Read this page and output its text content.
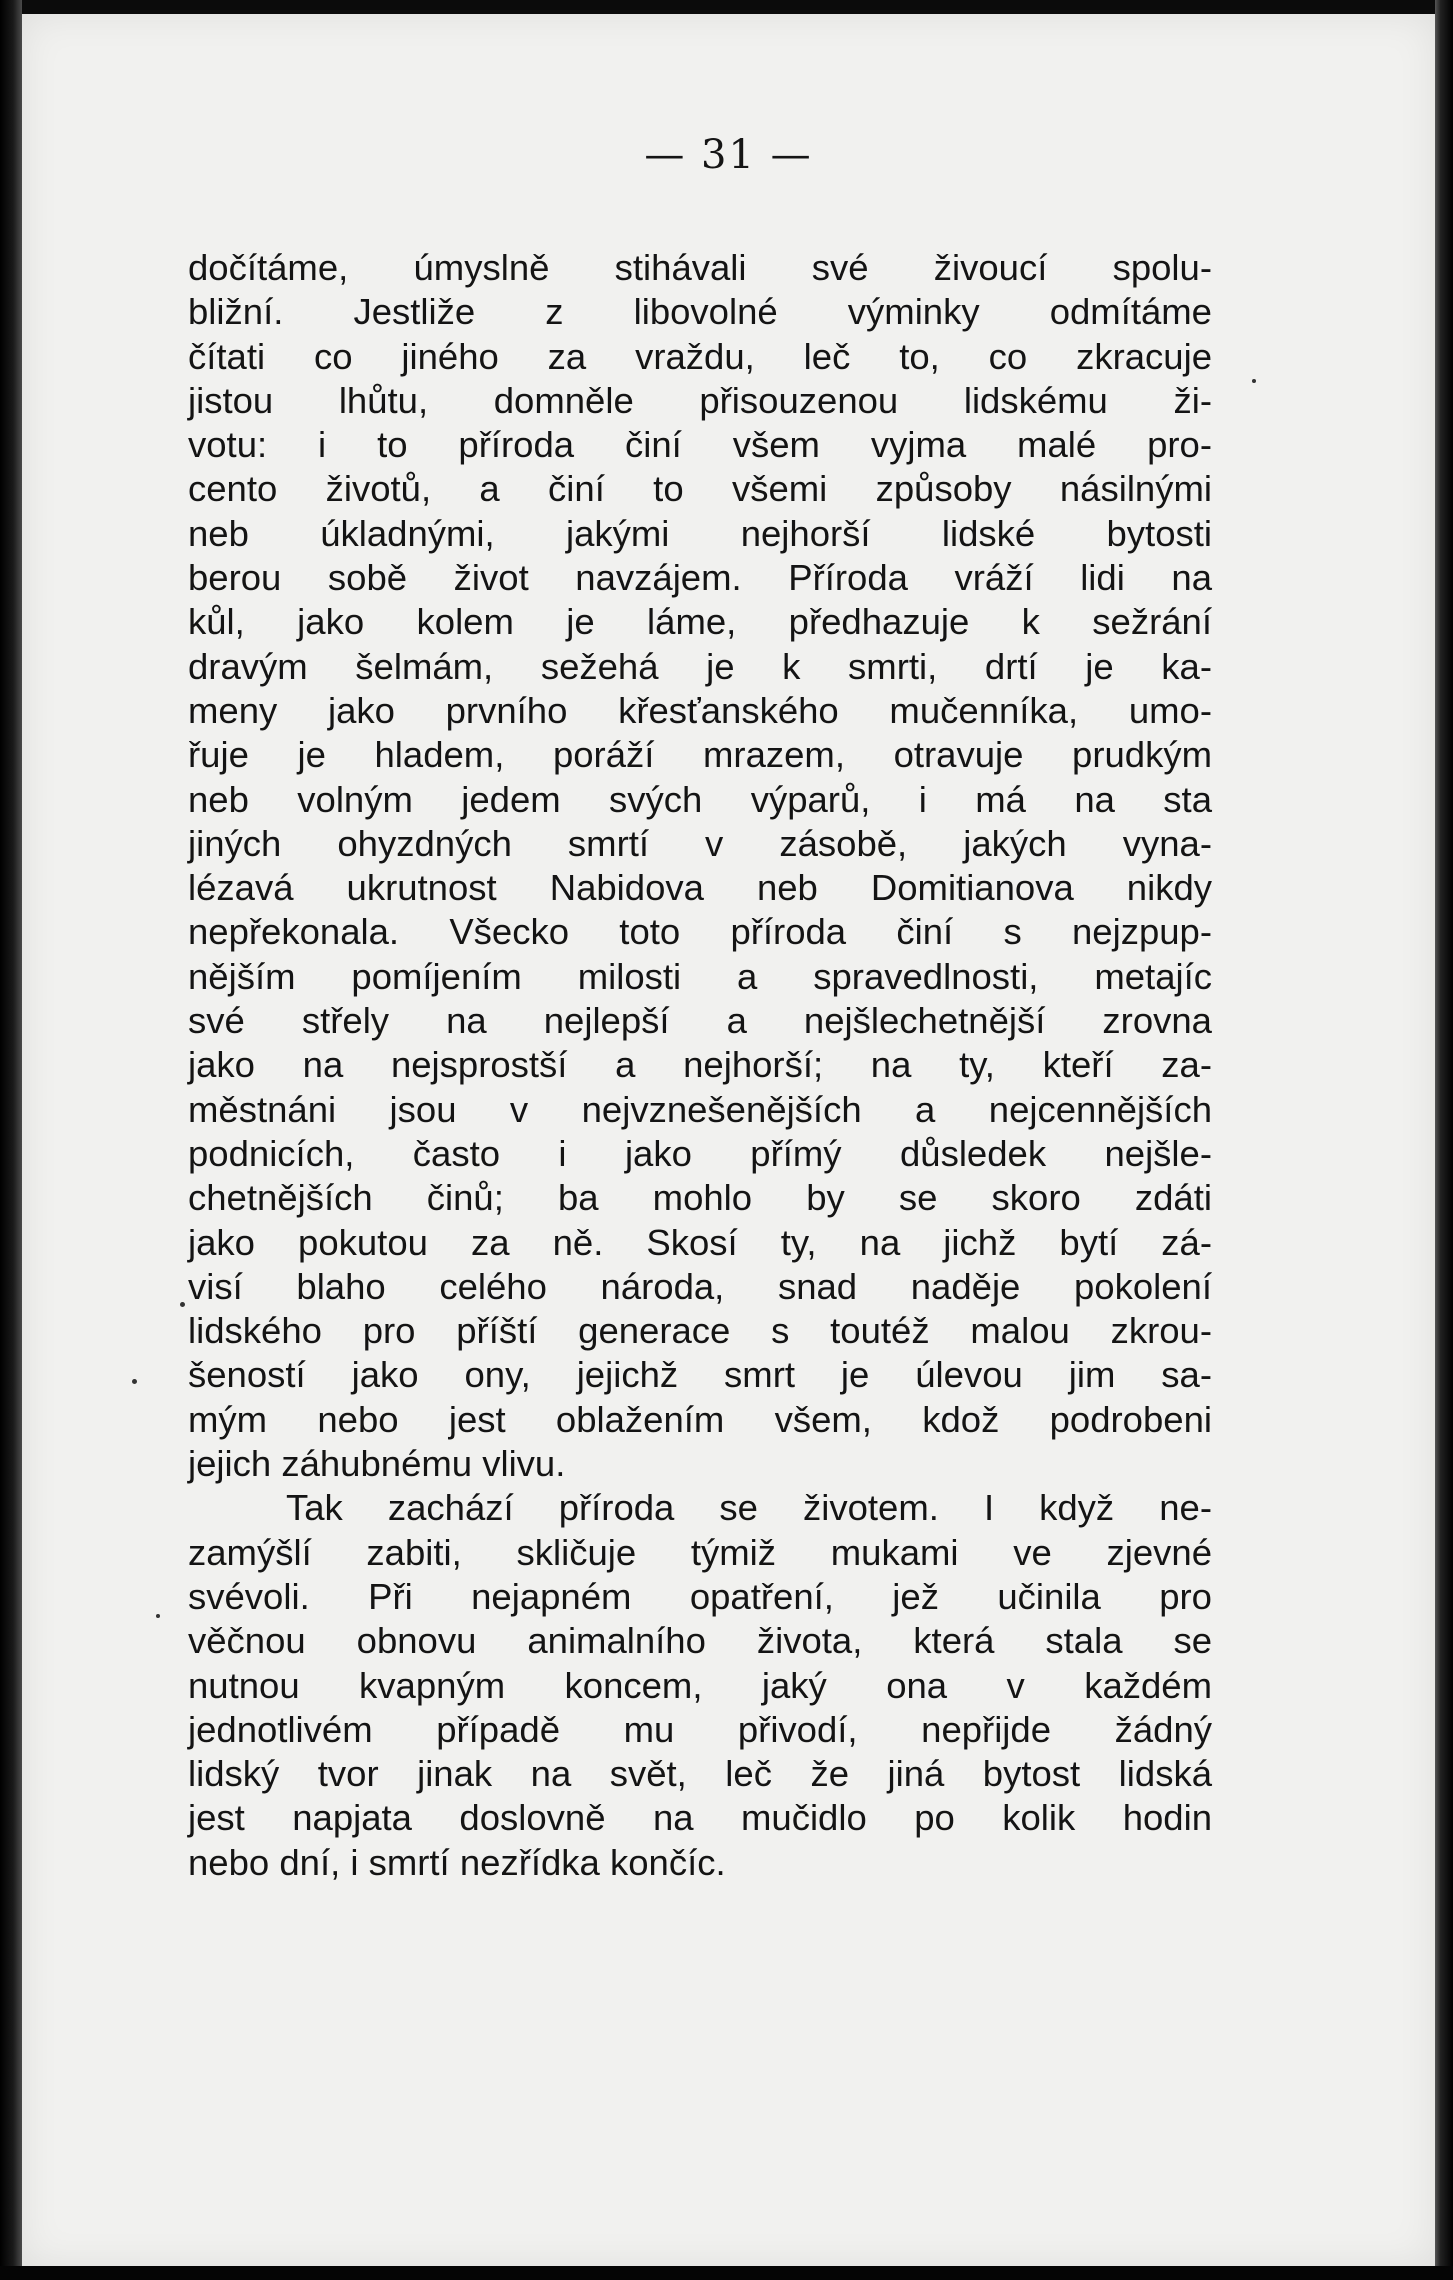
— 31 —
dočítáme, úmyslně stihávali své živoucí spolu-
bližní. Jestliže z libovolné výminky odmítáme
čítati co jiného za vraždu, leč to, co zkracuje
jistou lhůtu, domněle přisouzenou lidskému ži-
votu: i to příroda činí všem vyjma malé pro-
cento životů, a činí to všemi způsoby násilnými
neb úkladnými, jakými nejhorší lidské bytosti
berou sobě život navzájem. Příroda vráží lidi na
kůl, jako kolem je láme, předhazuje k sežrání
dravým šelmám, sežehá je k smrti, drtí je ka-
meny jako prvního křesťanského mučenníka, umo-
řuje je hladem, poráží mrazem, otravuje prudkým
neb volným jedem svých výparů, i má na sta
jiných ohyzdných smrtí v zásobě, jakých vyna-
lézavá ukrutnost Nabidova neb Domitianova nikdy
nepřekonala. Všecko toto příroda činí s nejzpup-
nějším pomíjením milosti a spravedlnosti, metajíc
své střely na nejlepší a nejšlechetnější zrovna
jako na nejsprostší a nejhorší; na ty, kteří za-
městnáni jsou v nejvznešenějších a nejcennějších
podnicích, často i jako přímý důsledek nejšle-
chetnějších činů; ba mohlo by se skoro zdáti
jako pokutou za ně. Skosí ty, na jichž bytí zá-
visí blaho celého národa, snad naděje pokolení
lidského pro příští generace s toutéž malou zkrou-
šeností jako ony, jejichž smrt je úlevou jim sa-
mým nebo jest oblažením všem, kdož podrobeni
jejich záhubnému vlivu.
Tak zachází příroda se životem. I když ne-
zamýšlí zabiti, skličuje týmiž mukami ve zjevné
svévoli. Při nejapném opatření, jež učinila pro
věčnou obnovu animalního života, která stala se
nutnou kvapným koncem, jaký ona v každém
jednotlivém případě mu přivodí, nepřijde žádný
lidský tvor jinak na svět, leč že jiná bytost lidská
jest napjata doslovně na mučidlo po kolik hodin
nebo dní, i smrtí nezřídka končíc.
